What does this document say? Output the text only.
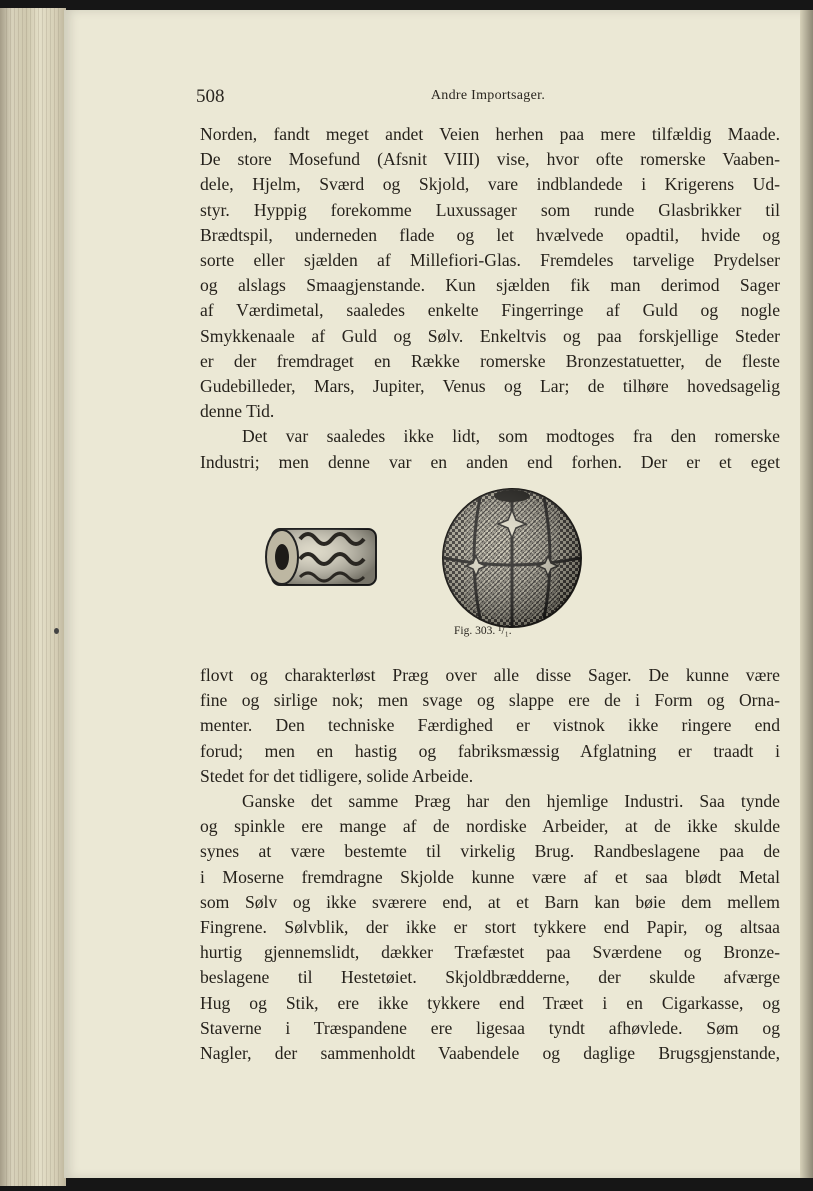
508	Andre Importsager.
Norden, fandt meget andet Veien herhen paa mere tilfældig Maade.
De store Mosefund (Afsnit VIII) vise, hvor ofte romerske Vaaben-
dele, Hjelm, Sværd og Skjold, vare indblandede i Krigerens Ud-
styr. Hyppig forekomme Luxussager som runde Glasbrikker til
Brædtspil, underneden flade og let hvælvede opadtil, hvide og
sorte eller sjælden af Millefiori-Glas. Fremdeles tarvelige Prydelser
og alslags Smaagjenstande. Kun sjælden fik man derimod Sager
af Værdimetal, saaledes enkelte Fingerringe af Guld og nogle
Smykkenaale af Guld og Sølv. Enkeltvis og paa forskjellige Steder
er der fremdraget en Række romerske Bronzestatuetter, de fleste
Gudebilleder, Mars, Jupiter, Venus og Lar; de tilhøre hovedsagelig
denne Tid.
Det var saaledes ikke lidt, som modtoges fra den romerske
Industri; men denne var en anden end forhen. Der er et eget
Fig. 303. ¹/₁.
flovt og charakterløst Præg over alle disse Sager. De kunne være
fine og sirlige nok; men svage og slappe ere de i Form og Orna-
menter. Den techniske Færdighed er vistnok ikke ringere end
forud; men en hastig og fabriksmæssig Afglatning er traadt i
Stedet for det tidligere, solide Arbeide.
Ganske det samme Præg har den hjemlige Industri. Saa tynde
og spinkle ere mange af de nordiske Arbeider, at de ikke skulde
synes at være bestemte til virkelig Brug. Randbeslagene paa de
i Moserne fremdragne Skjolde kunne være af et saa blødt Metal
som Sølv og ikke sværere end, at et Barn kan bøie dem mellem
Fingrene. Sølvblik, der ikke er stort tykkere end Papir, og altsaa
hurtig gjennemslidt, dækker Træfæstet paa Sværdene og Bronze-
beslagene til Hestetøiet. Skjoldbrædderne, der skulde afværge
Hug og Stik, ere ikke tykkere end Træet i en Cigarkasse, og
Staverne i Træspandene ere ligesaa tyndt afhøvlede. Søm og
Nagler, der sammenholdt Vaabendele og daglige Brugsgjenstande,
